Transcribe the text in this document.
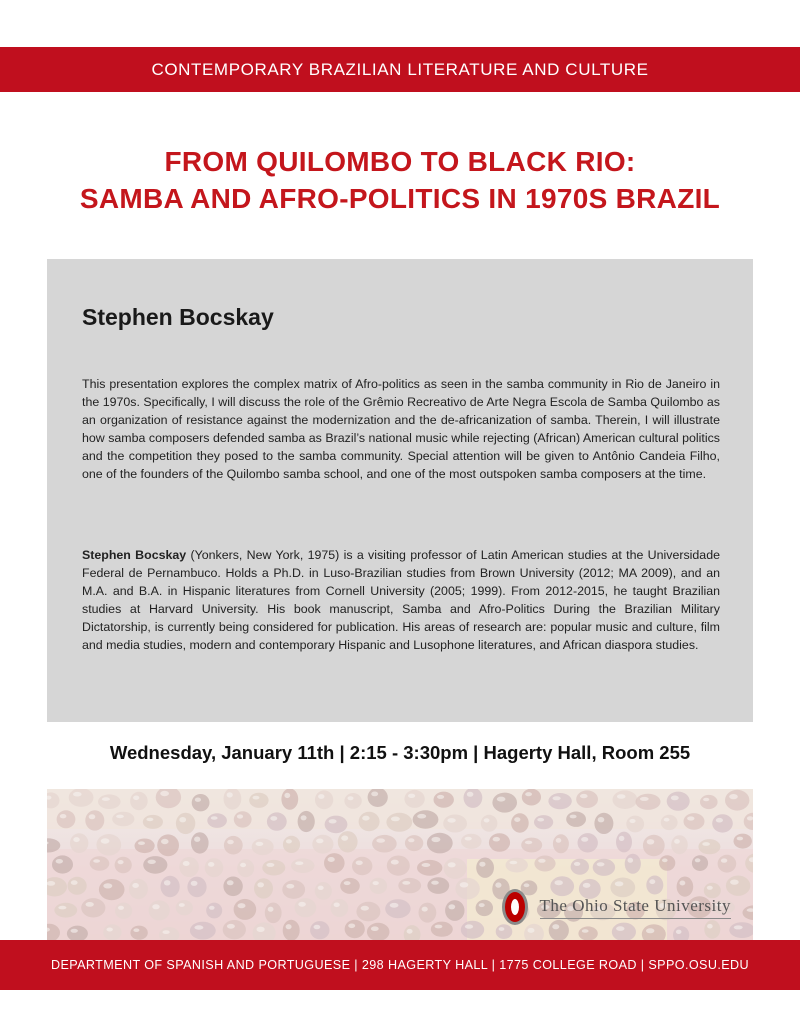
CONTEMPORARY BRAZILIAN LITERATURE AND CULTURE
FROM QUILOMBO TO BLACK RIO:
SAMBA AND AFRO-POLITICS IN 1970S BRAZIL
Stephen Bocskay

This presentation explores the complex matrix of Afro-politics as seen in the samba community in Rio de Janeiro in the 1970s. Specifically, I will discuss the role of the Grêmio Recreativo de Arte Negra Escola de Samba Quilombo as an organization of resistance against the modernization and the de-africanization of samba. Therein, I will illustrate how samba composers defended samba as Brazil’s national music while rejecting (African) American cultural politics and the competition they posed to the samba community. Special attention will be given to Antônio Candeia Filho, one of the founders of the Quilombo samba school, and one of the most outspoken samba composers at the time.

Stephen Bocskay (Yonkers, New York, 1975) is a visiting professor of Latin American studies at the Universidade Federal de Pernambuco. Holds a Ph.D. in Luso-Brazilian studies from Brown University (2012; MA 2009), and an M.A. and B.A. in Hispanic literatures from Cornell University (2005; 1999). From 2012-2015, he taught Brazilian studies at Harvard University. His book manuscript, Samba and Afro-Politics During the Brazilian Military Dictatorship, is currently being considered for publication. His areas of research are: popular music and culture, film and media studies, modern and contemporary Hispanic and Lusophone literatures, and African diaspora studies.

Wednesday, January 11th | 2:15 - 3:30pm | Hagerty Hall, Room 255
The Ohio State University
DEPARTMENT OF SPANISH AND PORTUGUESE | 298 HAGERTY HALL | 1775 COLLEGE ROAD | SPPO.OSU.EDU
